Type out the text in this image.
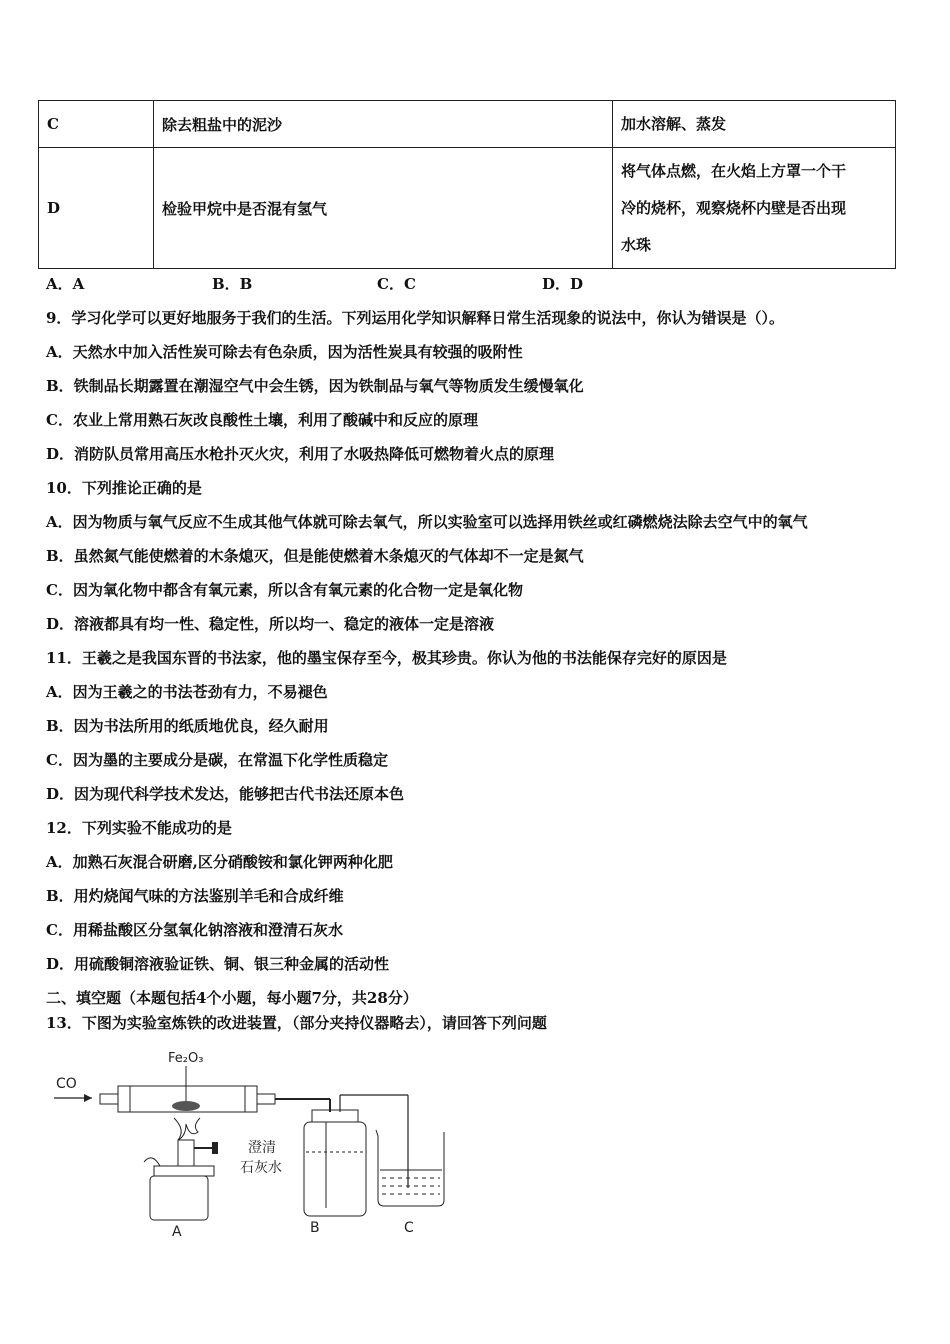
C	除去粗盐中的泥沙	加水溶解、蒸发
D	检验甲烷中是否混有氢气	将气体点燃，在火焰上方罩一个干
冷的烧杯，观察烧杯内壁是否出现
水珠
A．A	B．B	C．C	D．D
9．学习化学可以更好地服务于我们的生活。下列运用化学知识解释日常生活现象的说法中，你认为错误是（）。
A．天然水中加入活性炭可除去有色杂质，因为活性炭具有较强的吸附性
B．铁制品长期露置在潮湿空气中会生锈，因为铁制品与氧气等物质发生缓慢氧化
C．农业上常用熟石灰改良酸性土壤，利用了酸碱中和反应的原理
D．消防队员常用高压水枪扑灭火灾，利用了水吸热降低可燃物着火点的原理
10．下列推论正确的是
A．因为物质与氧气反应不生成其他气体就可除去氧气，所以实验室可以选择用铁丝或红磷燃烧法除去空气中的氧气
B．虽然氮气能使燃着的木条熄灭，但是能使燃着木条熄灭的气体却不一定是氮气
C．因为氧化物中都含有氧元素，所以含有氧元素的化合物一定是氧化物
D．溶液都具有均一性、稳定性，所以均一、稳定的液体一定是溶液
11．王羲之是我国东晋的书法家，他的墨宝保存至今，极其珍贵。你认为他的书法能保存完好的原因是
A．因为王羲之的书法苍劲有力，不易褪色
B．因为书法所用的纸质地优良，经久耐用
C．因为墨的主要成分是碳，在常温下化学性质稳定
D．因为现代科学技术发达，能够把古代书法还原本色
12．下列实验不能成功的是
A．加熟石灰混合研磨,区分硝酸铵和氯化钾两种化肥
B．用灼烧闻气味的方法鉴别羊毛和合成纤维
C．用稀盐酸区分氢氧化钠溶液和澄清石灰水
D．用硫酸铜溶液验证铁、铜、银三种金属的活动性
二、填空题（本题包括4个小题，每小题7分，共28分）
13．下图为实验室炼铁的改进装置，（部分夹持仪器略去），请回答下列问题
CO
Fe₂O₃
A
澄清
石灰水
B	C
